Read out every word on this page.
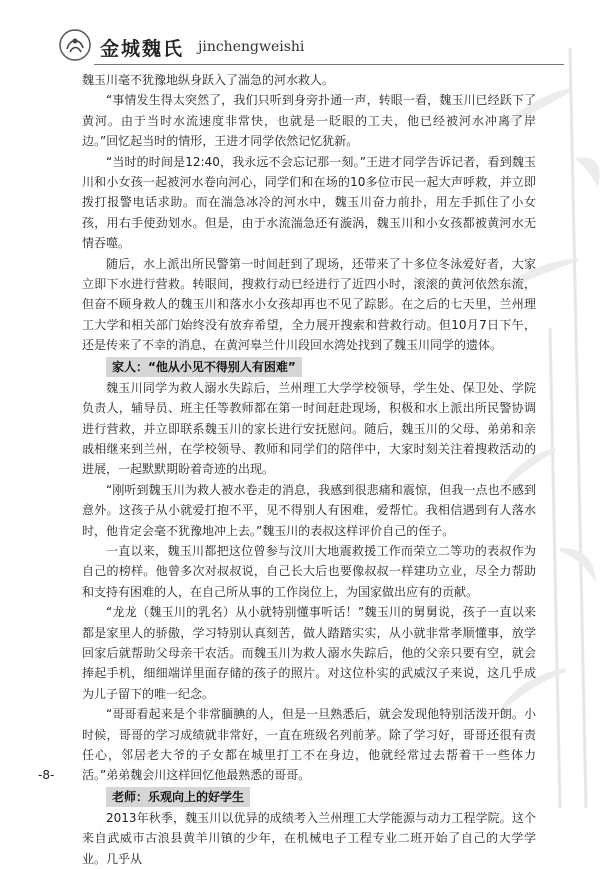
金城魏氏 jinchengweishi

魏玉川毫不犹豫地纵身跃入了湍急的河水救人。

“事情发生得太突然了，我们只听到身旁扑通一声，转眼一看，魏玉川已经跃下了黄河。由于当时水流速度非常快，也就是一眨眼的工夫，他已经被河水冲离了岸边。”回忆起当时的情形，王进才同学依然记忆犹新。

“当时的时间是12:40，我永远不会忘记那一刻。”王进才同学告诉记者，看到魏玉川和小女孩一起被河水卷向河心，同学们和在场的10多位市民一起大声呼救，并立即拨打报警电话求助。而在湍急冰冷的河水中，魏玉川奋力前扑，用左手抓住了小女孩，用右手使劲划水。但是，由于水流湍急还有漩涡，魏玉川和小女孩都被黄河水无情吞噬。

随后，水上派出所民警第一时间赶到了现场，还带来了十多位冬泳爱好者，大家立即下水进行营救。转眼间，搜救行动已经进行了近四小时，滚滚的黄河依然东流，但奋不顾身救人的魏玉川和落水小女孩却再也不见了踪影。在之后的七天里，兰州理工大学和相关部门始终没有放弃希望，全力展开搜索和营救行动。但10月7日下午，还是传来了不幸的消息，在黄河皋兰什川段回水湾处找到了魏玉川同学的遗体。

家人：“他从小见不得别人有困难”

魏玉川同学为救人溺水失踪后，兰州理工大学学校领导，学生处、保卫处、学院负责人，辅导员、班主任等教师都在第一时间赶赴现场，积极和水上派出所民警协调进行营救，并立即联系魏玉川的家长进行安抚慰问。随后，魏玉川的父母、弟弟和亲戚相继来到兰州，在学校领导、教师和同学们的陪伴中，大家时刻关注着搜救活动的进展，一起默默期盼着奇迹的出现。

“刚听到魏玉川为救人被水卷走的消息，我感到很悲痛和震惊，但我一点也不感到意外。这孩子从小就爱打抱不平，见不得别人有困难，爱帮忙。我相信遇到有人落水时，他肯定会毫不犹豫地冲上去。”魏玉川的表叔这样评价自己的侄子。

一直以来，魏玉川都把这位曾参与汶川大地震救援工作而荣立二等功的表叔作为自己的榜样。他曾多次对叔叔说，自己长大后也要像叔叔一样建功立业，尽全力帮助和支持有困难的人，在自己所从事的工作岗位上，为国家做出应有的贡献。

“龙龙（魏玉川的乳名）从小就特别懂事听话！”魏玉川的舅舅说，孩子一直以来都是家里人的骄傲，学习特别认真刻苦，做人踏踏实实，从小就非常孝顺懂事，放学回家后就帮助父母亲干农活。而魏玉川为救人溺水失踪后，他的父亲只要有空，就会捧起手机，细细端详里面存储的孩子的照片。对这位朴实的武威汉子来说，这几乎成为儿子留下的唯一纪念。

“哥哥看起来是个非常腼腆的人，但是一旦熟悉后，就会发现他特别活泼开朗。小时候，哥哥的学习成绩就非常好，一直在班级名列前茅。除了学习好，哥哥还很有责任心，邻居老大爷的子女都在城里打工不在身边，他就经常过去帮着干一些体力活。”弟弟魏会川这样回忆他最熟悉的哥哥。

老师：乐观向上的好学生

2013年秋季，魏玉川以优异的成绩考入兰州理工大学能源与动力工程学院。这个来自武威市古浪县黄羊川镇的少年，在机械电子工程专业二班开始了自己的大学学业。几乎从

-8-
